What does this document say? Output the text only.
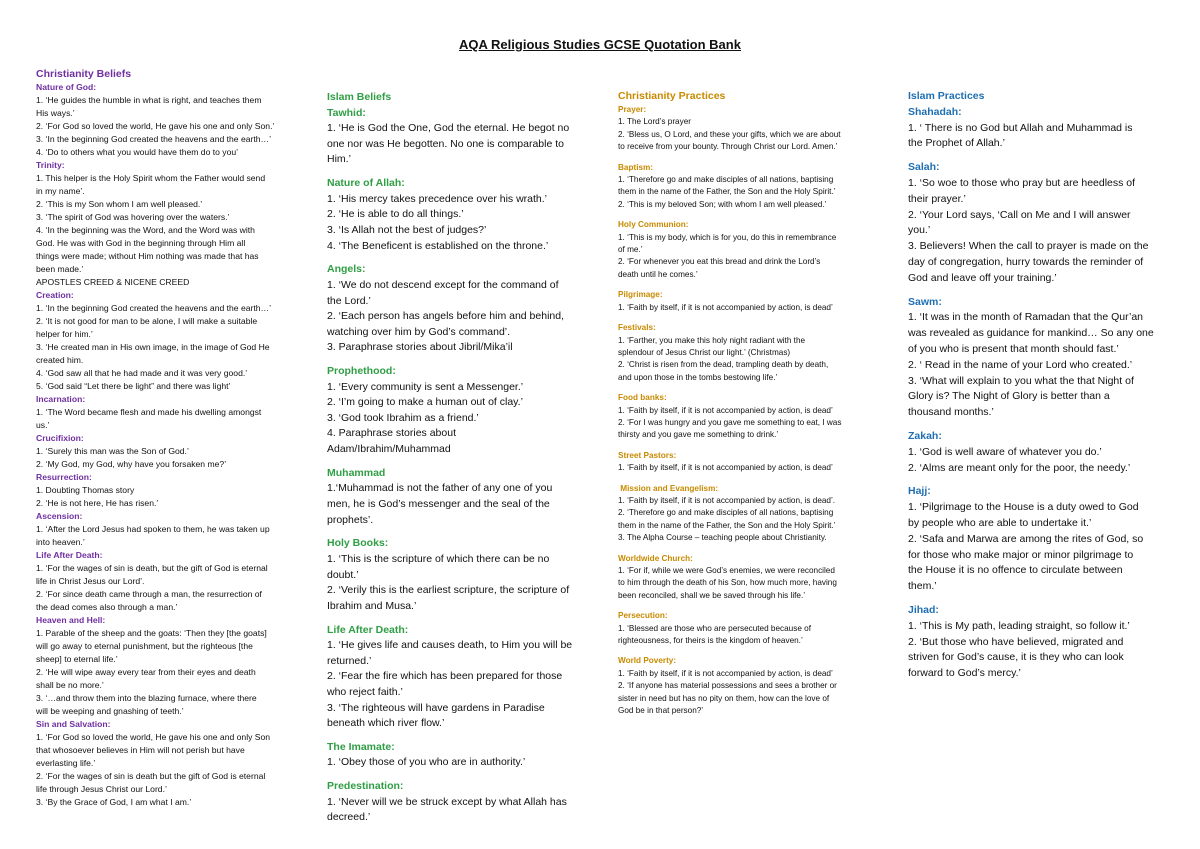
AQA Religious Studies GCSE Quotation Bank
Christianity Beliefs
Nature of God:
1. ‘He guides the humble in what is right, and teaches them
His ways.’
2. ‘For God so loved the world, He gave his one and only Son.’
3. ‘In the beginning God created the heavens and the earth…’
4. ‘Do to others what you would have them do to you’
Trinity:
1. This helper is the Holy Spirit whom the Father would send
in my name’.
2. ‘This is my Son whom I am well pleased.’
3. ‘The spirit of God was hovering over the waters.’
4. ‘In the beginning was the Word, and the Word was with
God. He was with God in the beginning through Him all
things were made; without Him nothing was made that has
been made.’
APOSTLES CREED & NICENE CREED
Creation:
1. ‘In the beginning God created the heavens and the earth…’
2. ‘It is not good for man to be alone, I will make a suitable
helper for him.’
3. ‘He created man in His own image, in the image of God He
created him.
4. ‘God saw all that he had made and it was very good.’
5. ‘God said “Let there be light” and there was light’
Incarnation:
1. ‘The Word became flesh and made his dwelling amongst
us.’
Crucifixion:
1. ‘Surely this man was the Son of God.’
2. ‘My God, my God, why have you forsaken me?’
Resurrection:
1. Doubting Thomas story
2. ‘He is not here, He has risen.’
Ascension:
1. ‘After the Lord Jesus had spoken to them, he was taken up
into heaven.’
Life After Death:
1. ‘For the wages of sin is death, but the gift of God is eternal
life in Christ Jesus our Lord’.
2. ‘For since death came through a man, the resurrection of
the dead comes also through a man.’
Heaven and Hell:
1. Parable of the sheep and the goats: ‘Then they [the goats]
will go away to eternal punishment, but the righteous [the
sheep] to eternal life.’
2. ‘He will wipe away every tear from their eyes and death
shall be no more.’
3. ‘…and throw them into the blazing furnace, where there
will be weeping and gnashing of teeth.’
Sin and Salvation:
1. ‘For God so loved the world, He gave his one and only Son
that whosoever believes in Him will not perish but have
everlasting life.’
2. ‘For the wages of sin is death but the gift of God is eternal
life through Jesus Christ our Lord.’
3. ‘By the Grace of God, I am what I am.’
Islam Beliefs
Tawhid:
1. ‘He is God the One, God the eternal. He begot no
one nor was He begotten. No one is comparable to
Him.’
Nature of Allah:
1. ‘His mercy takes precedence over his wrath.’
2. ‘He is able to do all things.’
3. ‘Is Allah not the best of judges?’
4. ‘The Beneficent is established on the throne.’
Angels:
1. ‘We do not descend except for the command of
the Lord.’
2. ‘Each person has angels before him and behind,
watching over him by God’s command’.
3. Paraphrase stories about Jibril/Mika’il
Prophethood:
1. ‘Every community is sent a Messenger.’
2. ‘I’m going to make a human out of clay.’
3. ‘God took Ibrahim as a friend.’
4. Paraphrase stories about
Adam/Ibrahim/Muhammad
Muhammad
1.‘Muhammad is not the father of any one of you
men, he is God’s messenger and the seal of the
prophets’.
Holy Books:
1. ‘This is the scripture of which there can be no
doubt.’
2. ‘Verily this is the earliest scripture, the scripture of
Ibrahim and Musa.’
Life After Death:
1. ‘He gives life and causes death, to Him you will be
returned.’
2. ‘Fear the fire which has been prepared for those
who reject faith.’
3. ‘The righteous will have gardens in Paradise
beneath which river flow.’
The Imamate:
1. ‘Obey those of you who are in authority.’
Predestination:
1. ‘Never will we be struck except by what Allah has
decreed.’
Christianity Practices
Prayer:
1. The Lord’s prayer
2. ‘Bless us, O Lord, and these your gifts, which we are about
to receive from your bounty. Through Christ our Lord. Amen.’
Baptism:
1. ‘Therefore go and make disciples of all nations, baptising
them in the name of the Father, the Son and the Holy Spirit.’
2. ‘This is my beloved Son; with whom I am well pleased.’
Holy Communion:
1. ‘This is my body, which is for you, do this in remembrance
of me.’
2. ‘For whenever you eat this bread and drink the Lord’s
death until he comes.’
Pilgrimage:
1. ‘Faith by itself, if it is not accompanied by action, is dead’
Festivals:
1. ‘Farther, you make this holy night radiant with the
splendour of Jesus Christ our light.’ (Christmas)
2. ‘Christ is risen from the dead, trampling death by death,
and upon those in the tombs bestowing life.’
Food banks:
1. ‘Faith by itself, if it is not accompanied by action, is dead’
2. ‘For I was hungry and you gave me something to eat, I was
thirsty and you gave me something to drink.’
Street Pastors:
1. ‘Faith by itself, if it is not accompanied by action, is dead’
Mission and Evangelism:
1. ‘Faith by itself, if it is not accompanied by action, is dead’.
2. ‘Therefore go and make disciples of all nations, baptising
them in the name of the Father, the Son and the Holy Spirit.’
3. The Alpha Course – teaching people about Christianity.
Worldwide Church:
1. ‘For if, while we were God’s enemies, we were reconciled
to him through the death of his Son, how much more, having
been reconciled, shall we be saved through his life.’
Persecution:
1. ‘Blessed are those who are persecuted because of
righteousness, for theirs is the kingdom of heaven.’
World Poverty:
1. ‘Faith by itself, if it is not accompanied by action, is dead’
2. ‘If anyone has material possessions and sees a brother or
sister in need but has no pity on them, how can the love of
God be in that person?’
Islam Practices
Shahadah:
1. ‘ There is no God but Allah and Muhammad is
the Prophet of Allah.’
Salah:
1. ‘So woe to those who pray but are heedless of
their prayer.’
2. ‘Your Lord says, ‘Call on Me and I will answer
you.’
3. Believers! When the call to prayer is made on the
day of congregation, hurry towards the reminder of
God and leave off your training.’
Sawm:
1. ‘It was in the month of Ramadan that the Qur’an
was revealed as guidance for mankind… So any one
of you who is present that month should fast.’
2. ‘ Read in the name of your Lord who created.’
3. ‘What will explain to you what the that Night of
Glory is? The Night of Glory is better than a
thousand months.’
Zakah:
1. ‘God is well aware of whatever you do.’
2. ‘Alms are meant only for the poor, the needy.’
Hajj:
1. ‘Pilgrimage to the House is a duty owed to God
by people who are able to undertake it.’
2. ‘Safa and Marwa are among the rites of God, so
for those who make major or minor pilgrimage to
the House it is no offence to circulate between
them.’
Jihad:
1. ‘This is My path, leading straight, so follow it.’
2. ‘But those who have believed, migrated and
striven for God’s cause, it is they who can look
forward to God’s mercy.’
